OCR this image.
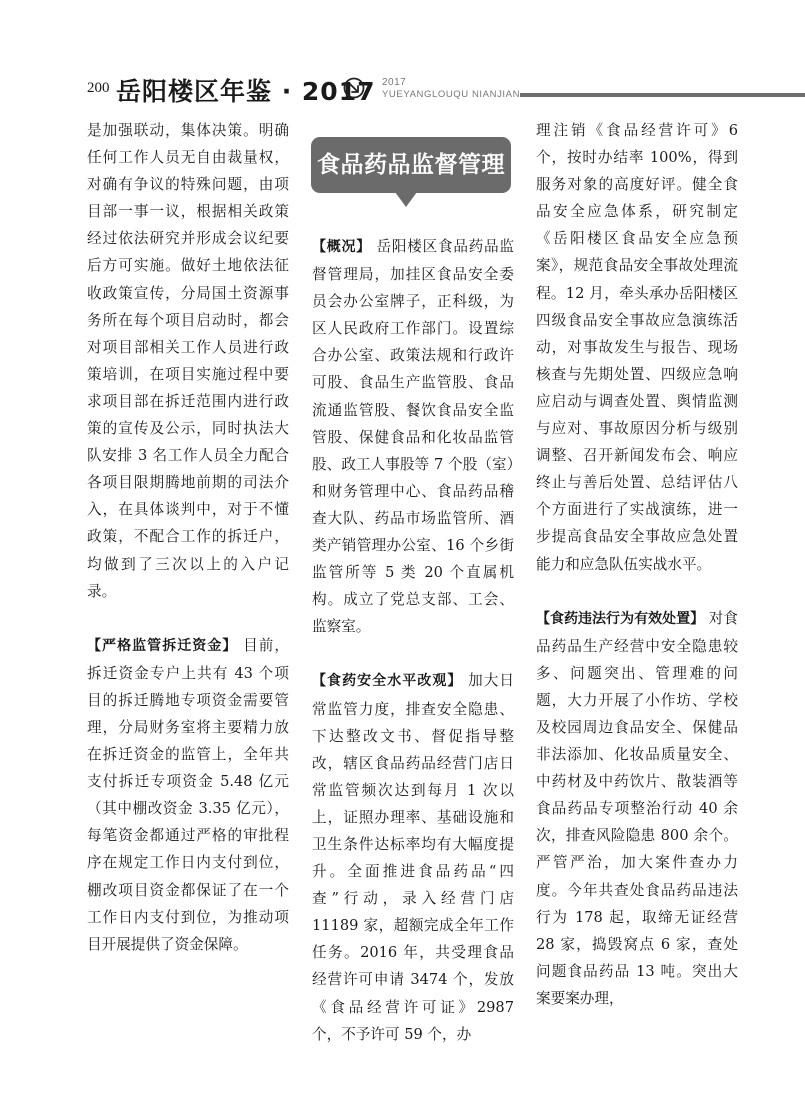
200 岳阳楼区年鉴 · 2017 2017
YUEYANGLOUQU NIANJIAN
食品药品监督管理

是加强联动，集体决策。明确任何工作人员无自由裁量权，对确有争议的特殊问题，由项目部一事一议，根据相关政策经过依法研究并形成会议纪要后方可实施。做好土地依法征收政策宣传，分局国土资源事务所在每个项目启动时，都会对项目部相关工作人员进行政策培训，在项目实施过程中要求项目部在拆迁范围内进行政策的宣传及公示，同时执法大队安排 3 名工作人员全力配合各项目限期腾地前期的司法介入，在具体谈判中，对于不懂政策，不配合工作的拆迁户，均做到了三次以上的入户记录。

【严格监管拆迁资金】 目前，拆迁资金专户上共有 43 个项目的拆迁腾地专项资金需要管理，分局财务室将主要精力放在拆迁资金的监管上，全年共支付拆迁专项资金 5.48 亿元（其中棚改资金 3.35 亿元），每笔资金都通过严格的审批程序在规定工作日内支付到位，棚改项目资金都保证了在一个工作日内支付到位，为推动项目开展提供了资金保障。

【概况】 岳阳楼区食品药品监督管理局，加挂区食品安全委员会办公室牌子，正科级，为区人民政府工作部门。设置综合办公室、政策法规和行政许可股、食品生产监管股、食品流通监管股、餐饮食品安全监管股、保健食品和化妆品监管股、政工人事股等 7 个股（室）和财务管理中心、食品药品稽查大队、药品市场监管所、酒类产销管理办公室、16 个乡街监管所等 5 类 20 个直属机构。成立了党总支部、工会、监察室。

【食药安全水平改观】 加大日常监管力度，排查安全隐患、下达整改文书、督促指导整改，辖区食品药品经营门店日常监管频次达到每月 1 次以上，证照办理率、基础设施和卫生条件达标率均有大幅度提升。全面推进食品药品“四查”行动，录入经营门店 11189 家，超额完成全年工作任务。2016 年，共受理食品经营许可申请 3474 个，发放《食品经营许可证》2987 个，不予许可 59 个，办

理注销《食品经营许可》6 个，按时办结率 100%，得到服务对象的高度好评。健全食品安全应急体系，研究制定《岳阳楼区食品安全应急预案》，规范食品安全事故处理流程。12 月，牵头承办岳阳楼区四级食品安全事故应急演练活动，对事故发生与报告、现场核查与先期处置、四级应急响应启动与调查处置、舆情监测与应对、事故原因分析与级别调整、召开新闻发布会、响应终止与善后处置、总结评估八个方面进行了实战演练，进一步提高食品安全事故应急处置能力和应急队伍实战水平。

【食药违法行为有效处置】 对食品药品生产经营中安全隐患较多、问题突出、管理难的问题，大力开展了小作坊、学校及校园周边食品安全、保健品非法添加、化妆品质量安全、中药材及中药饮片、散装酒等食品药品专项整治行动 40 余次，排查风险隐患 800 余个。严管严治，加大案件查办力度。今年共查处食品药品违法行为 178 起，取缔无证经营 28 家，捣毁窝点 6 家，查处问题食品药品 13 吨。突出大案要案办理，
